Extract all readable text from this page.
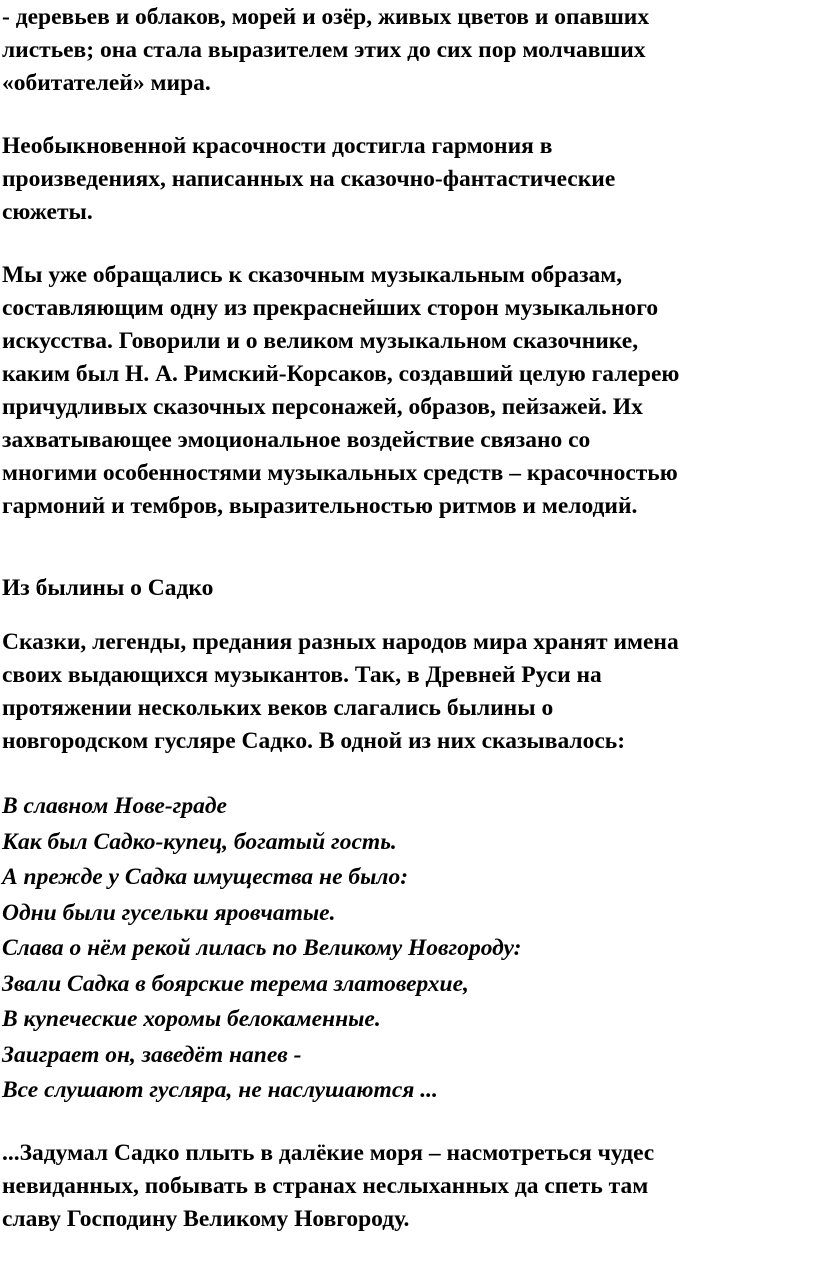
- деревьев и облаков, морей и озёр, живых цветов и опавших
листьев; она стала выразителем этих до сих пор молчавших
«обитателей» мира.
Необыкновенной красочности достигла гармония в
произведениях, написанных на сказочно-фантастические
сюжеты.
Мы уже обращались к сказочным музыкальным образам,
составляющим одну из прекраснейших сторон музыкального
искусства. Говорили и о великом музыкальном сказочнике,
каким был Н. А. Римский-Корсаков, создавший целую галерею
причудливых сказочных персонажей, образов, пейзажей. Их
захватывающее эмоциональное воздействие связано со
многими особенностями музыкальных средств – красочностью
гармоний и тембров, выразительностью ритмов и мелодий.
Из былины о Садко
Сказки, легенды, предания разных народов мира хранят имена
своих выдающихся музыкантов. Так, в Древней Руси на
протяжении нескольких веков слагались былины о
новгородском гусляре Садко. В одной из них сказывалось:
В славном Нове-граде
Как был Садко-купец, богатый гость.
А прежде у Садка имущества не было:
Одни были гусельки яровчатые.
Слава о нём рекой лилась по Великому Новгороду:
Звали Садка в боярские терема златоверхие,
В купеческие хоромы белокаменные.
Заиграет он, заведёт напев -
Все слушают гусляра, не наслушаются ...
...Задумал Садко плыть в далёкие моря – насмотреться чудес
невиданных, побывать в странах неслыханных да спеть там
славу Господину Великому Новгороду.
